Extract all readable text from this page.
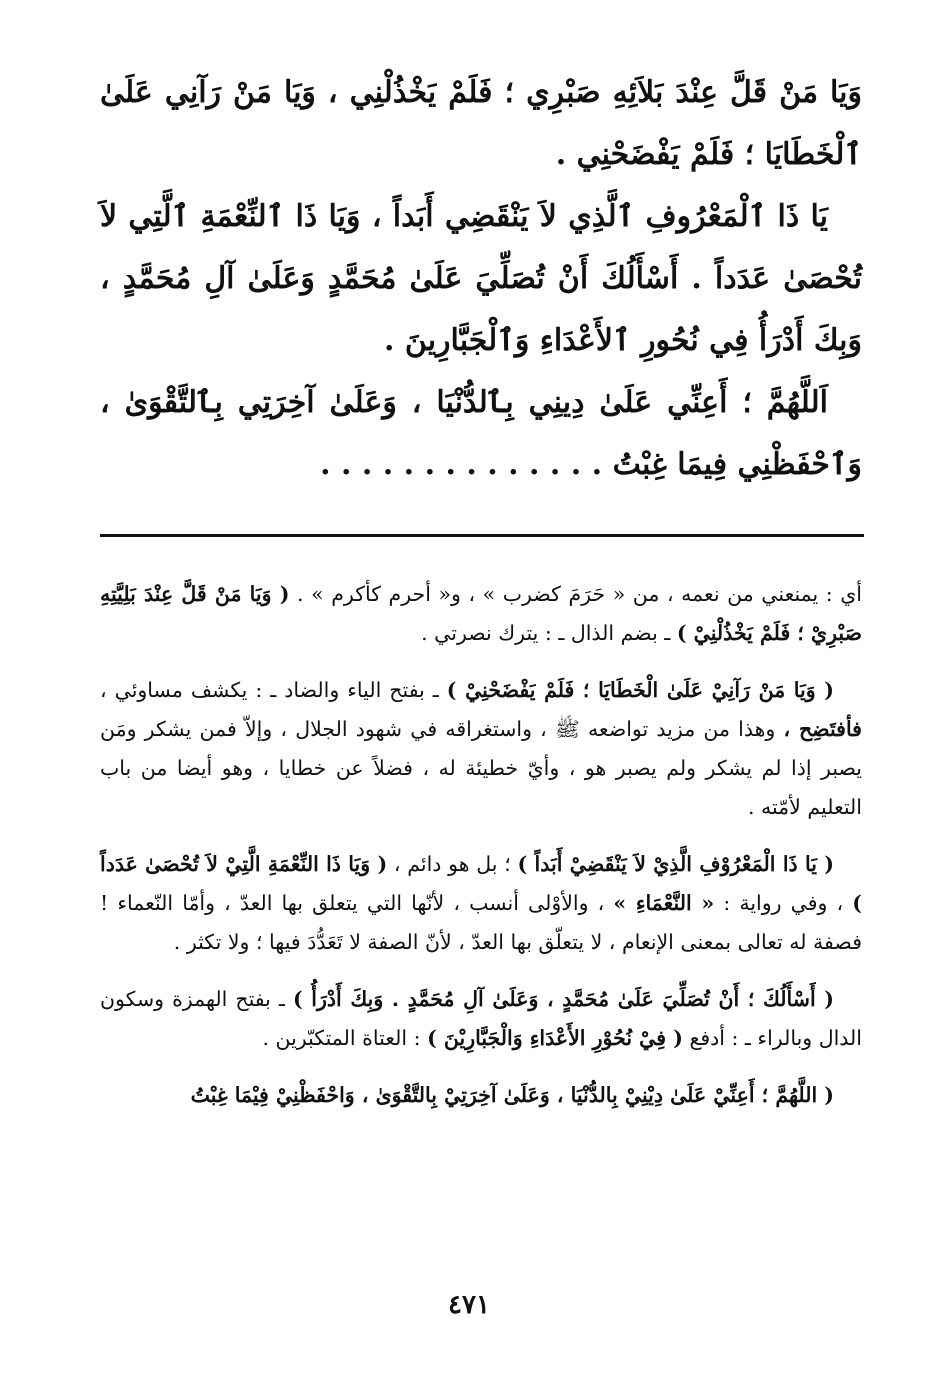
وَيَا مَنْ قَلَّ عِنْدَ بَلاَئِهِ صَبْرِي ؛ فَلَمْ يَخْذُلْنِي ، وَيَا مَنْ رَآنِي عَلَىٰ ٱلْخَطَايَا ؛ فَلَمْ يَفْضَحْنِي .

يَا ذَا ٱلْمَعْرُوفِ ٱلَّذِي لاَ يَنْقَضِي أَبَداً ، وَيَا ذَا ٱلنِّعْمَةِ ٱلَّتِي لاَ تُحْصَىٰ عَدَداً . أَسْأَلُكَ أَنْ تُصَلِّيَ عَلَىٰ مُحَمَّدٍ وَعَلَىٰ آلِ مُحَمَّدٍ ، وَبِكَ أَدْرَأُ فِي نُحُورِ ٱلأَعْدَاءِ وَٱلْجَبَّارِينَ .

اَللَّهُمَّ ؛ أَعِنِّي عَلَىٰ دِينِي بِٱلدُّنْيَا ، وَعَلَىٰ آخِرَتِي بِٱلتَّقْوَىٰ ، وَٱحْفَظْنِي فِيمَا غِبْتُ . . . . . . . . . . . . . .

أي : يمنعني من نعمه ، من « حَرَمَ كضرب » ، و« أحرم كأكرم » . ( وَيَا مَنْ قَلَّ عِنْدَ بَلِيَّتِهِ صَبْرِيْ ؛ فَلَمْ يَخْذُلْنِيْ ) ـ بضم الذال ـ : يترك نصرتي .

( وَيَا مَنْ رَآنِيْ عَلَىٰ الْخَطَايَا ؛ فَلَمْ يَفْضَحْنِيْ ) ـ بفتح الياء والضاد ـ : يكشف مساوئي ، فأفتَضِح ، وهذا من مزيد تواضعه ﷺ ، واستغراقه في شهود الجلال ، وإلاّ فمن يشكر ومَن يصبر إذا لم يشكر ولم يصبر هو ، وأيّ خطيئة له ، فضلاً عن خطايا ، وهو أيضا من باب التعليم لأمّته .

( يَا ذَا الْمَعْرُوْفِ الَّذِيْ لاَ يَنْقَضِيْ أَبَداً ) ؛ بل هو دائم ، ( وَيَا ذَا النِّعْمَةِ الَّتِيْ لاَ تُحْصَىٰ عَدَداً ) ، وفي رواية : « النَّعْمَاءِ » ، والأوْلى أنسب ، لأنّها التي يتعلق بها العدّ ، وأمّا النّعماء ! فصفة له تعالى بمعنى الإنعام ، لا يتعلّق بها العدّ ، لأنّ الصفة لا تَعَدُّدَ فيها ؛ ولا تكثر .

( أَسْأَلُكَ ؛ أَنْ تُصَلِّيَ عَلَىٰ مُحَمَّدٍ ، وَعَلَىٰ آلِ مُحَمَّدٍ . وَبِكَ أَدْرَأُ ) ـ بفتح الهمزة وسكون الدال وبالراء ـ : أدفع ( فِيْ نُحُوْرِ الأَعْدَاءِ وَالْجَبَّارِيْنَ ) : العتاة المتكبّرين .

( اللَّهُمَّ ؛ أَعِنِّيْ عَلَىٰ دِيْنِيْ بِالدُّنْيَا ، وَعَلَىٰ آخِرَتِيْ بِالتَّقْوَىٰ ، وَاحْفَظْنِيْ فِيْمَا غِبْتُ

٤٧١
